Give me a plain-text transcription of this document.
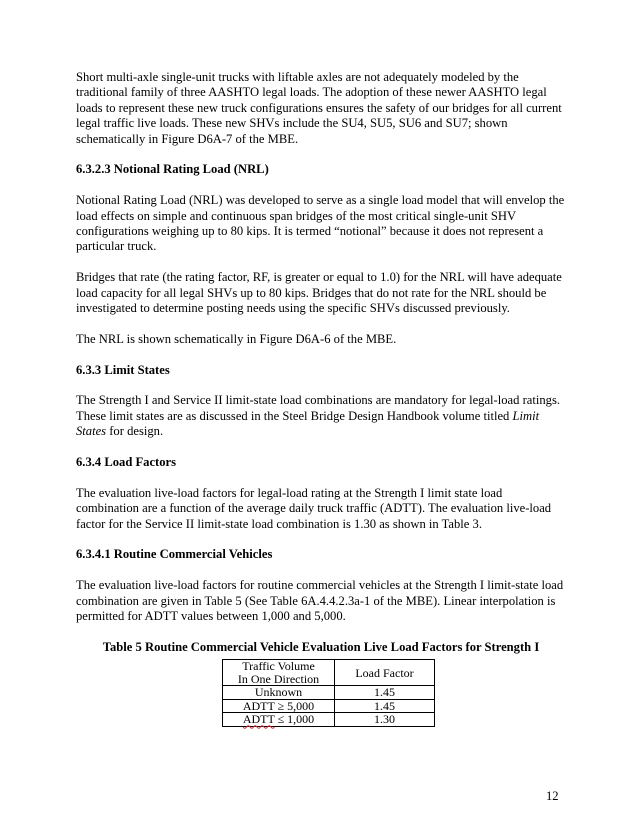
Short multi-axle single-unit trucks with liftable axles are not adequately modeled by the traditional family of three AASHTO legal loads. The adoption of these newer AASHTO legal loads to represent these new truck configurations ensures the safety of our bridges for all current legal traffic live loads. These new SHVs include the SU4, SU5, SU6 and SU7; shown schematically in Figure D6A-7 of the MBE.

6.3.2.3 Notional Rating Load (NRL)

Notional Rating Load (NRL) was developed to serve as a single load model that will envelop the load effects on simple and continuous span bridges of the most critical single-unit SHV configurations weighing up to 80 kips. It is termed “notional” because it does not represent a particular truck.

Bridges that rate (the rating factor, RF, is greater or equal to 1.0) for the NRL will have adequate load capacity for all legal SHVs up to 80 kips. Bridges that do not rate for the NRL should be investigated to determine posting needs using the specific SHVs discussed previously.

The NRL is shown schematically in Figure D6A-6 of the MBE.

6.3.3 Limit States

The Strength I and Service II limit-state load combinations are mandatory for legal-load ratings. These limit states are as discussed in the Steel Bridge Design Handbook volume titled Limit States for design.

6.3.4 Load Factors

The evaluation live-load factors for legal-load rating at the Strength I limit state load combination are a function of the average daily truck traffic (ADTT). The evaluation live-load factor for the Service II limit-state load combination is 1.30 as shown in Table 3.

6.3.4.1 Routine Commercial Vehicles

The evaluation live-load factors for routine commercial vehicles at the Strength I limit-state load combination are given in Table 5 (See Table 6A.4.4.2.3a-1 of the MBE). Linear interpolation is permitted for ADTT values between 1,000 and 5,000.

Table 5 Routine Commercial Vehicle Evaluation Live Load Factors for Strength I

Traffic Volume
In One Direction	Load Factor
Unknown	1.45
ADTT ≥ 5,000	1.45
ADTT ≤ 1,000	1.30
12
